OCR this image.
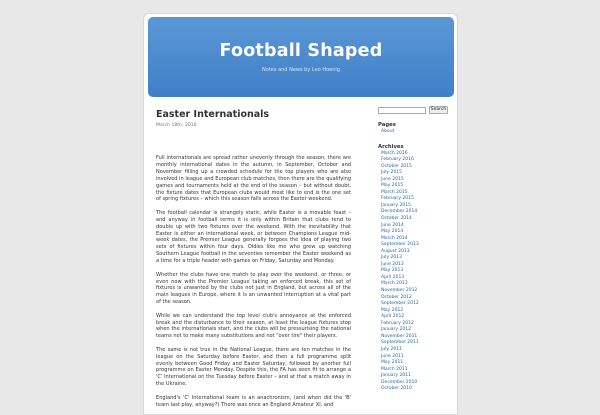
Football Shaped
Notes and News by Leo Hoenig
Easter Internationals
March 18th, 2016

Full internationals are spread rather unevenly through the season, there are monthly international dates in the autumn, in September, October and November filling up a crowded schedule for the top players who are also involved in league and European club matches, then there are the qualifying games and tournaments held at the end of the season – but without doubt, the fixture dates that European clubs would most like to end is the one set of spring fixtures – which this season falls across the Easter weekend.

The football calendar is strangely static, while Easter is a movable feast – and anyway in football terms it is only within Britain that clubs tend to double up with two fixtures over the weekend. With the inevitability that Easter is either an international week, or between Champions League mid-week dates, the Premier League generally forgoes the idea of playing two sets of fixtures within four days. Oldies like me who grew up watching Southern League football in the seventies remember the Easter weekend as a time for a triple header with games on Friday, Saturday and Monday.

Whether the clubs have one match to play over the weekend, or three, or even now with the Premier League taking an enforced break, this set of fixtures is unwanted by the clubs not just in England, but across all of the main leagues in Europe, where it is an unwanted interruption at a vital part of the season.

While we can understand the top level club's annoyance at the enforced break and the disturbance to their season, at least the league fixtures stop when the internationals start, and the clubs will be pressurising the national teams not to make many substitutions and not "over tire" their players.

The same is not true in the National League, there are ten matches in the league on the Saturday before Easter, and then a full programme split evenly between Good Friday and Easter Saturday, followed by another full programme on Easter Monday. Despite this, the FA has seen fit to arrange a 'C' International on the Tuesday before Easter – and at that a match away in the Ukraine.

England's 'C' International team is an anachronism, (and when did the 'B' team last play, anyway?) There was once an England Amateur XI, and

Search
Pages
About
Archives
March 2016
February 2016
October 2015
July 2015
June 2015
May 2015
March 2015
February 2015
January 2015
December 2014
October 2014
June 2014
May 2014
March 2014
September 2013
August 2013
July 2013
June 2013
May 2013
April 2013
March 2013
November 2012
October 2012
September 2012
May 2012
April 2012
February 2012
January 2012
November 2011
September 2011
July 2011
June 2011
May 2011
March 2011
January 2011
December 2010
October 2010
